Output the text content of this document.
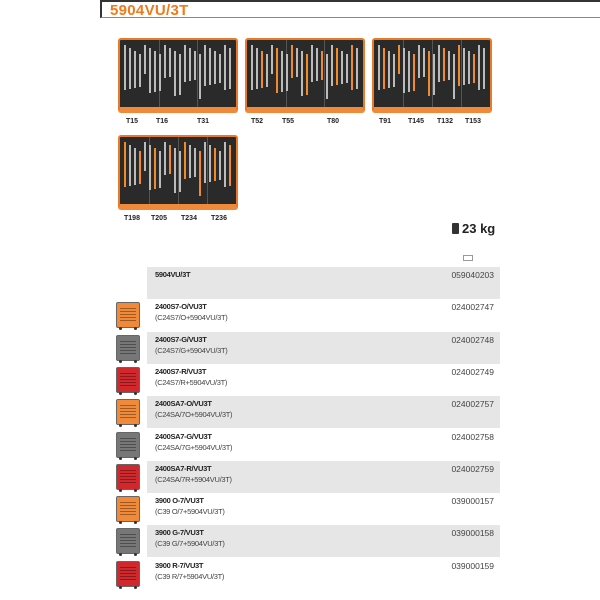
5904VU/3T
T15	T16	T31	T52	T55	T80	T91 T145 T132 T153
T198 T205 T234 T236
23 kg
5904VU/3T	059040203
2400S7-O/VU3T
(C24S7/O+5904VU/3T)
024002747
2400S7-G/VU3T
(C24S7/G+5904VU/3T)
024002748
2400S7-R/VU3T
(C24S7/R+5904VU/3T)
024002749
2400SA7-O/VU3T
(C24SA/7O+5904VU/3T)
024002757
2400SA7-G/VU3T
(C24SA/7G+5904VU/3T)
024002758
2400SA7-R/VU3T
(C24SA/7R+5904VU/3T)
024002759
3900 O-7/VU3T
(C39 O/7+5904VU/3T)
039000157
3900 G-7/VU3T
(C39 G/7+5904VU/3T)
039000158
3900 R-7/VU3T
(C39 R/7+5904VU/3T)
039000159
